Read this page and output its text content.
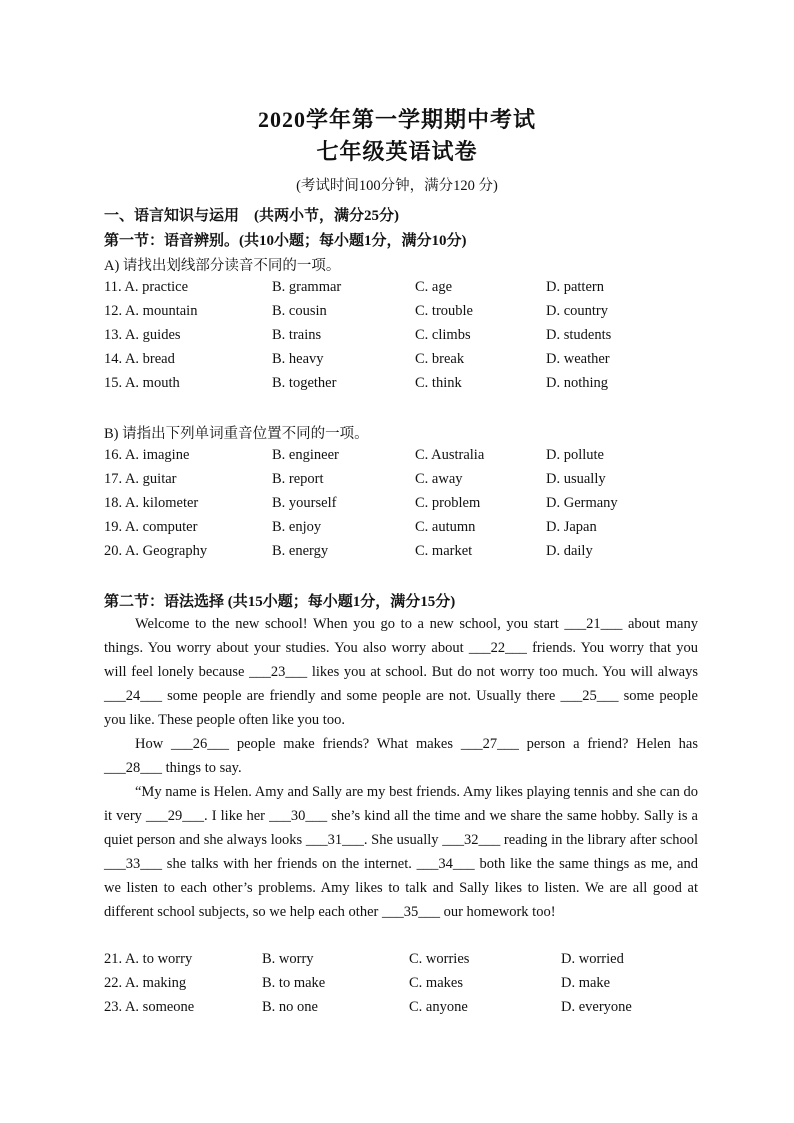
2020学年第一学期期中考试
七年级英语试卷
(考试时间100分钟，满分120 分)
一、语言知识与运用　(共两小节，满分25分)
第一节：语音辨别。(共10小题；每小题1分，满分10分)
A) 请找出划线部分读音不同的一项。
11. A. practice	B. grammar	C. age	D. pattern
12. A. mountain	B. cousin	C. trouble	D. country
13. A. guides	B. trains	C. climbs	D. students
14. A. bread	B. heavy	C. break	D. weather
15. A. mouth	B. together	C. think	D. nothing
B) 请指出下列单词重音位置不同的一项。
16. A. imagine	B. engineer	C. Australia	D. pollute
17. A. guitar	B. report	C. away	D. usually
18. A. kilometer	B. yourself	C. problem	D. Germany
19. A. computer	B. enjoy	C. autumn	D. Japan
20. A. Geography	B. energy	C. market	D. daily
第二节：语法选择 (共15小题；每小题1分，满分15分)

Welcome to the new school! When you go to a new school, you start ___21___ about many things. You worry about your studies. You also worry about ___22___ friends. You worry that you will feel lonely because ___23___ likes you at school. But do not worry too much. You will always ___24___ some people are friendly and some people are not. Usually there ___25___ some people you like. These people often like you too.

How ___26___ people make friends? What makes ___27___ person a friend? Helen has ___28___ things to say.

“My name is Helen. Amy and Sally are my best friends. Amy likes playing tennis and she can do it very ___29___. I like her ___30___ she’s kind all the time and we share the same hobby. Sally is a quiet person and she always looks ___31___. She usually ___32___ reading in the library after school ___33___ she talks with her friends on the internet. ___34___ both like the same things as me, and we listen to each other’s problems. Amy likes to talk and Sally likes to listen. We are all good at different school subjects, so we help each other ___35___ our homework too!

21. A. to worry	B. worry	C. worries	D. worried
22. A. making	B. to make	C. makes	D. make
23. A. someone	B. no one	C. anyone	D. everyone
